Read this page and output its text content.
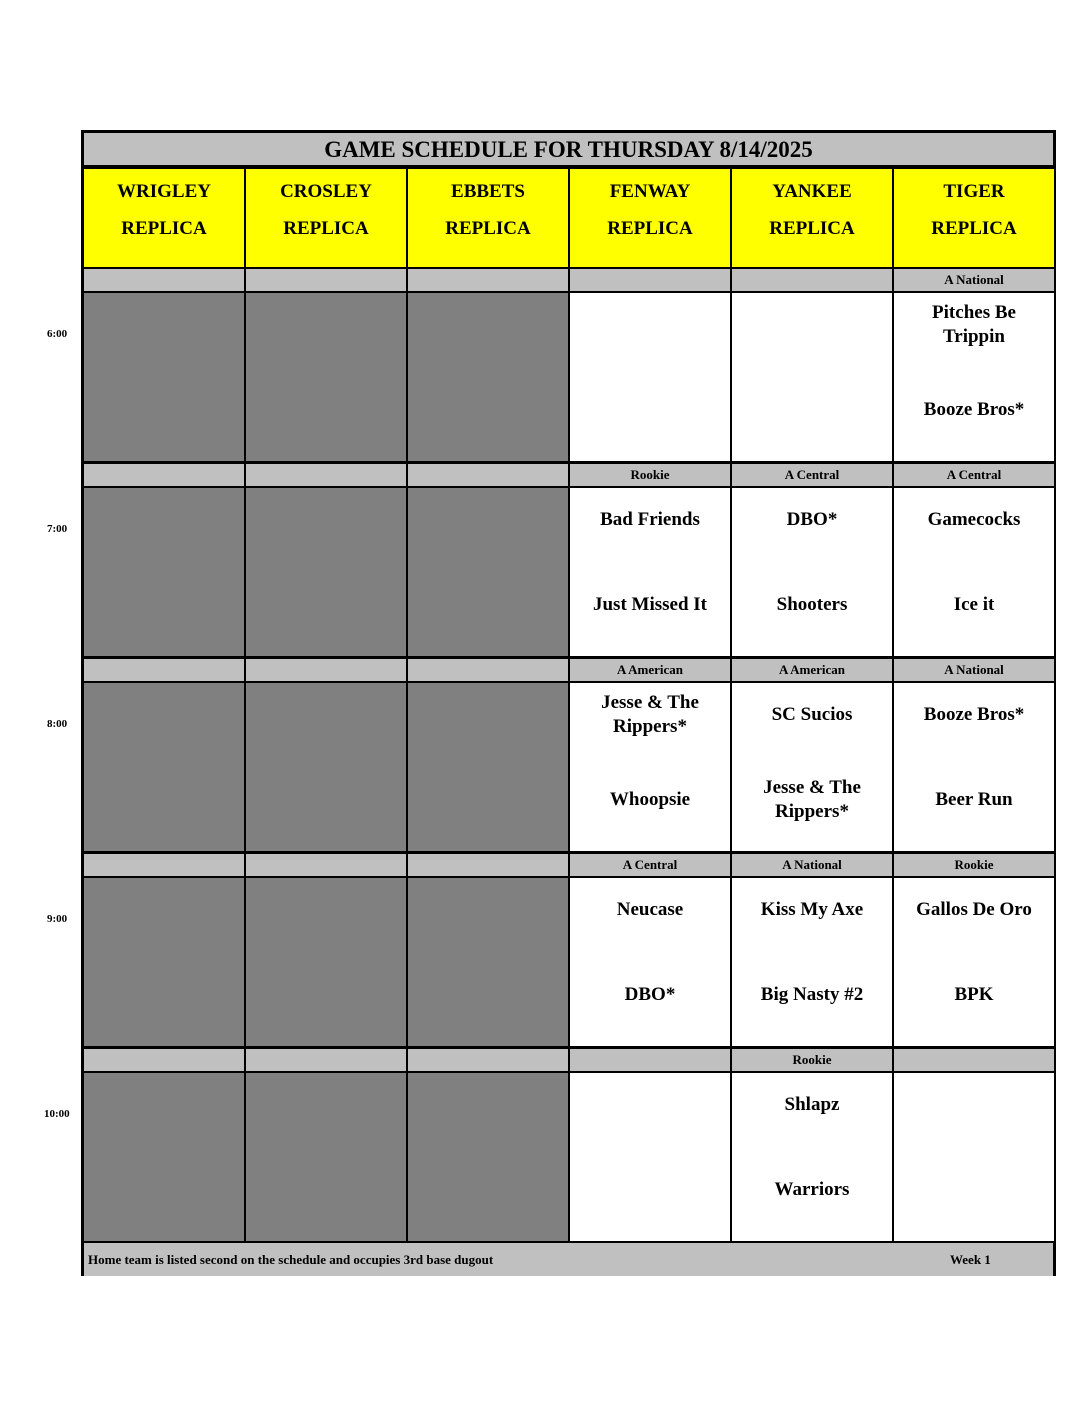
GAME SCHEDULE FOR THURSDAY 8/14/2025
WRIGLEY
REPLICA
CROSLEY
REPLICA
EBBETS
REPLICA
FENWAY
REPLICA
YANKEE
REPLICA
TIGER
REPLICA
A National
Pitches Be Trippin
Booze Bros*
Rookie
Bad Friends
Just Missed It
A Central
DBO*
Shooters
A Central
Gamecocks
Ice it
A American
Jesse & The Rippers*
Whoopsie
A American
SC Sucios
Jesse & The Rippers*
A National
Booze Bros*
Beer Run
A Central
Neucase
DBO*
A National
Kiss My Axe
Big Nasty #2
Rookie
Gallos De Oro
BPK
Rookie
Shlapz
Warriors
Home team is listed second on the schedule and occupies 3rd base dugout	Week 1
6:00
7:00
8:00
9:00
10:00
